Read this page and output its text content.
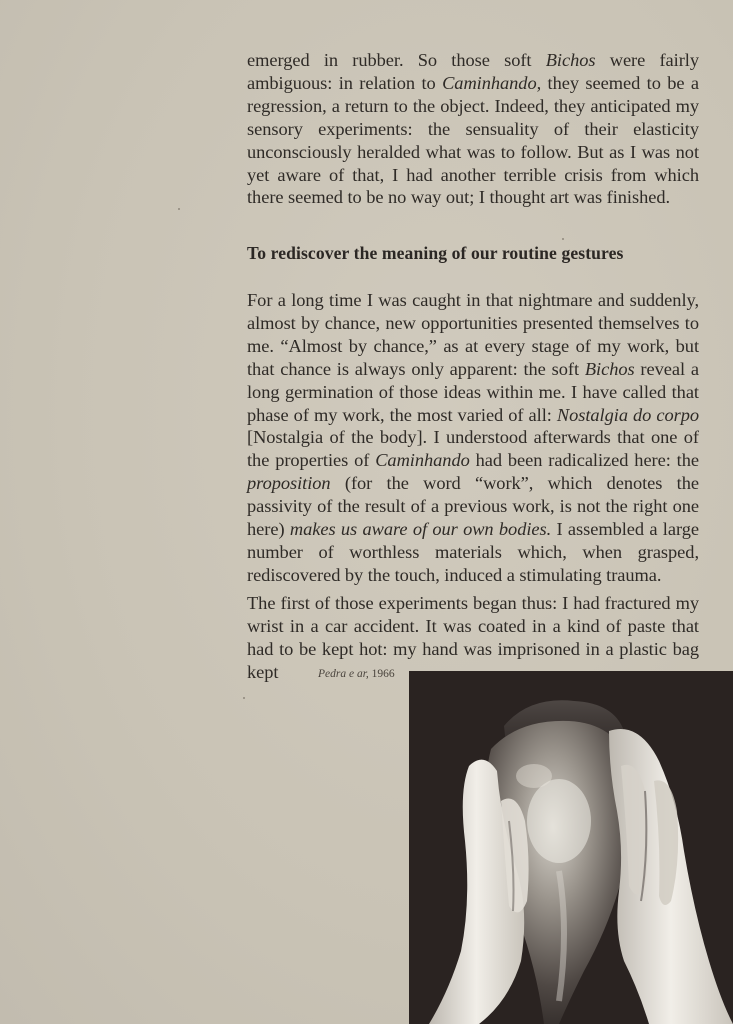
emerged in rubber. So those soft Bichos were fairly ambiguous: in relation to Caminhando, they seemed to be a regression, a return to the object. Indeed, they anticipated my sensory experiments: the sensuality of their elasticity unconsciously heralded what was to follow. But as I was not yet aware of that, I had another terrible crisis from which there seemed to be no way out; I thought art was finished.
To rediscover the meaning of our routine gestures
For a long time I was caught in that nightmare and suddenly, almost by chance, new opportunities presented themselves to me. “Almost by chance,” as at every stage of my work, but that chance is always only apparent: the soft Bichos reveal a long germination of those ideas within me. I have called that phase of my work, the most varied of all: Nostalgia do corpo [Nostalgia of the body]. I understood afterwards that one of the properties of Caminhando had been radicalized here: the proposition (for the word “work”, which denotes the passivity of the result of a previous work, is not the right one here) makes us aware of our own bodies. I assembled a large number of worthless materials which, when grasped, rediscovered by the touch, induced a stimulating trauma.
The first of those experiments began thus: I had fractured my wrist in a car accident. It was coated in a kind of paste that had to be kept hot: my hand was imprisoned in a plastic bag kept	Pedra e ar, 1966
